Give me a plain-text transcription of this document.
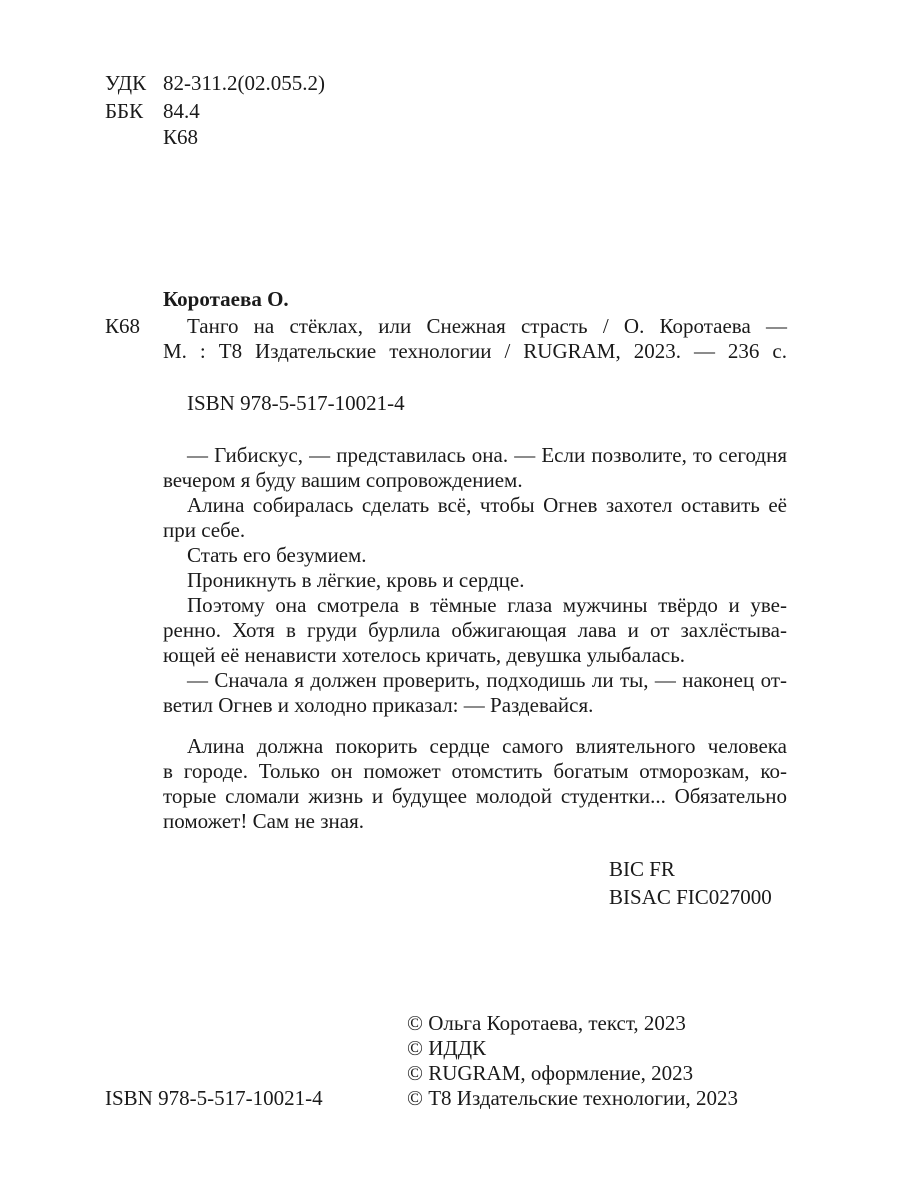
УДК 82-311.2(02.055.2)
ББК 84.4
К68
Коротаева О.
К68	Танго на стёклах, или Снежная страсть / О. Коротаева —
М. : Т8 Издательские технологии / RUGRAM, 2023. — 236 с.
ISBN 978-5-517-10021-4
— Гибискус, — представилась она. — Если позволите, то сегодня
вечером я буду вашим сопровождением.
Алина собиралась сделать всё, чтобы Огнев захотел оставить её
при себе.
Стать его безумием.
Проникнуть в лёгкие, кровь и сердце.
Поэтому она смотрела в тёмные глаза мужчины твёрдо и уве-
ренно. Хотя в груди бурлила обжигающая лава и от захлёстыва-
ющей её ненависти хотелось кричать, девушка улыбалась.
— Сначала я должен проверить, подходишь ли ты, — наконец от-
ветил Огнев и холодно приказал: — Раздевайся.
Алина должна покорить сердце самого влиятельного человека
в городе. Только он поможет отомстить богатым отморозкам, ко-
торые сломали жизнь и будущее молодой студентки... Обязательно
поможет! Сам не зная.
BIC FR
BISAC FIC027000
© Ольга Коротаева, текст, 2023
© ИДДК
© RUGRAM, оформление, 2023
© Т8 Издательские технологии, 2023
ISBN 978-5-517-10021-4
